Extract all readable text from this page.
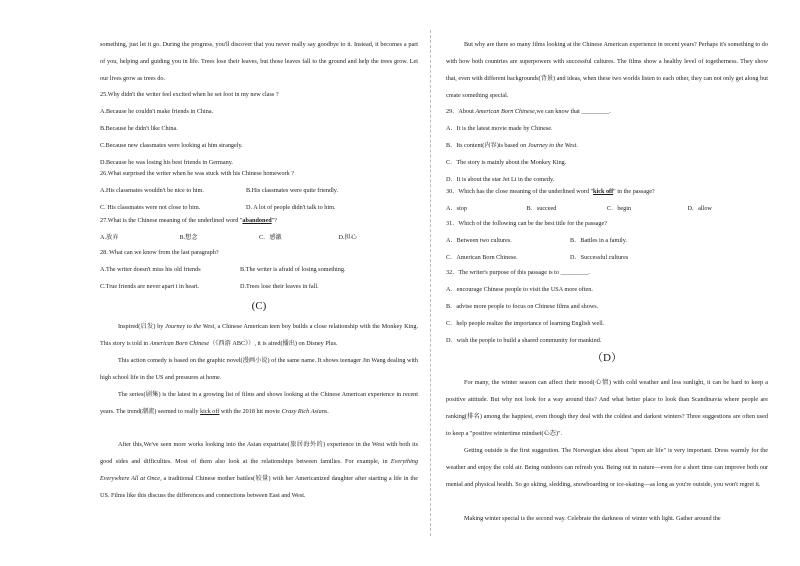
something, just let it go. During the progress, you'll discover that you never really say goodbye to it. Instead, it becomes a part of you, helping and guiding you in life. Trees lose their leaves, but those leaves fall to the ground and help the trees grow. Let our lives grow as trees do.
25.Why didn't the writer feel excited when he set foot in my new class ?
A.Because he couldn't make friends in China.
B.Because he didn't like China.
C.Because new classmates were looking at him strangely.
D.Because he was losing his best friends in Germany.
26.What surprised the writer when he was stuck with his Chinese homework ?
A.His classmates wouldn't be nice to him.	B.His classmates were quite friendly.
C. His classmates were not close to him.	D. A lot of people didn't talk to him.
27.What is the Chinese meaning of the underlined word "abandoned"?
A.放弃	B.想念	C．感激	D.担心
28. What can we know from the last paragraph?
A.The writer doesn't miss his old friends	B.The writer is afraid of losing something.
C.True friends are never apart t in heart.	D.Trees lose their leaves in fall.
(C)
Inspired(启发) by Journey to the West, a Chinese American teen boy builds a close relationship with the Monkey King. This story is told in American Born Chinese（《西游 ABC》）, it is aired(播出) on Disney Plus.
This action comedy is based on the graphic novel(漫画小说) of the same name. It shows teenager Jin Wang dealing with high school life in the US and pressures at home.
The series(剧集) is the latest in a growing list of films and shows looking at the Chinese American experience in recent years. The trend(潮流) seemed to really kick off with the 2018 hit movie Crazy Rich Asians.
After this,We've seen more works looking into the Asian expatriate(旅居海外的) experience in the West with both its good sides and difficulties. Most of them also look at the relationships between families. For example, in Everything Everywhere All at Once, a traditional Chinese mother battles(较量) with her Americanized daughter after starting a life in the US. Films like this discuss the differences and connections between East and West.
But why are there so many films looking at the Chinese American experience in recent years? Perhaps it's something to do with how both countries are superpowers with successful cultures. The films show a healthy level of togetherness. They show that, even with different backgrounds(背景) and ideas, when these two worlds listen to each other, they can not only get along but create something special.
29．About American Born Chinese,we can know that _________.
A．It is the latest movie made by Chinese.
B．Its content(内容)is based on Journey to the West.
C．The story is mainly about the Monkey King.
D．It is about the star Jet Li in the comedy.
30．Which has the close meaning of the underlined word "kick off" in the passage?
A．stop	B．succeed	C．begin	D．allow
31．Which of the following can be the best title for the passage?
A．Between two cultures.	B．Battles in a family.
C．American Born Chinese.	D．Successful cultures
32．The writer's purpose of this passage is to _________.
A．encourage Chinese people to visit the USA more often.
B．advise more people to focus on Chinese films and shows.
C．help people realize the importance of learning English well.
D．wish the people to build a shared community for mankind.
（D）
For many, the winter season can affect their mood(心情) with cold weather and less sunlight, it can be hard to keep a positive attitude. But why not look for a way around this? And what better place to look than Scandinavia where people are ranking(排名) among the happiest, even though they deal with the coldest and darkest winters? Three suggestions are often used to keep a "positive wintertime mindset(心态)".
Getting outside is the first suggestion. The Norwegian idea about "open air life" is very important. Dress warmly for the weather and enjoy the cold air. Being outdoors can refresh you. Being out in nature—even for a short time can improve both our mental and physical health. So go skiing, sledding, snowboarding or ice-skating—as long as you're outside, you won't regret it.
Making winter special is the second way. Celebrate the darkness of winter with light. Gather around the
